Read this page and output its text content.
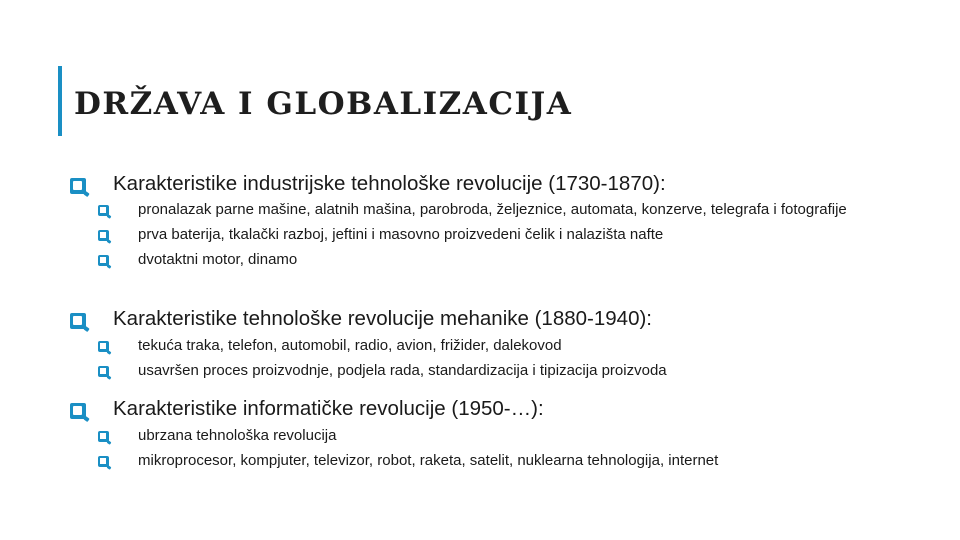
DRŽAVA I GLOBALIZACIJA
Karakteristike industrijske tehnološke revolucije (1730-1870):
pronalazak parne mašine, alatnih mašina, parobroda, željeznice, automata, konzerve, telegrafa i fotografije
prva baterija, tkalački razboj, jeftini i masovno proizvedeni čelik i nalazišta nafte
dvotaktni motor, dinamo
Karakteristike tehnološke revolucije mehanike (1880-1940):
tekuća traka, telefon, automobil, radio, avion, frižider, dalekovod
usavršen proces proizvodnje, podjela rada, standardizacija i tipizacija proizvoda
Karakteristike informatičke revolucije (1950-…):
ubrzana tehnološka revolucija
mikroprocesor, kompjuter, televizor, robot, raketa, satelit, nuklearna tehnologija, internet
